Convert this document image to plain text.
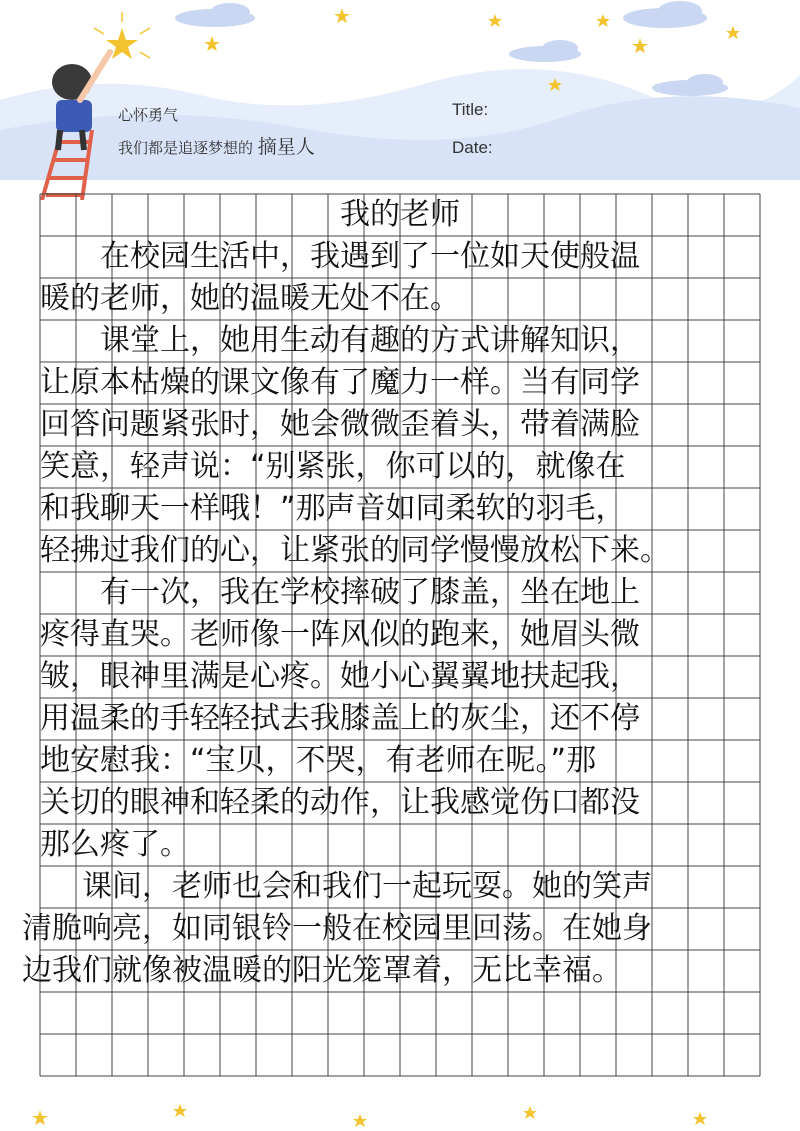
心怀勇气
我们都是追逐梦想的 摘星人
Title:
Date:
我的老师
　　在校园生活中，我遇到了一位如天使般温
暖的老师，她的温暖无处不在。
　　课堂上，她用生动有趣的方式讲解知识，
让原本枯燥的课文像有了魔力一样。当有同学
回答问题紧张时，她会微微歪着头，带着满脸
笑意，轻声说：“别紧张，你可以的，就像在
和我聊天一样哦！”那声音如同柔软的羽毛，
轻拂过我们的心，让紧张的同学慢慢放松下来。
　　有一次，我在学校摔破了膝盖，坐在地上
疼得直哭。老师像一阵风似的跑来，她眉头微
皱，眼神里满是心疼。她小心翼翼地扶起我，
用温柔的手轻轻拭去我膝盖上的灰尘，还不停
地安慰我：“宝贝，不哭，有老师在呢。”那
关切的眼神和轻柔的动作，让我感觉伤口都没
那么疼了。
　　课间，老师也会和我们一起玩耍。她的笑声
清脆响亮，如同银铃一般在校园里回荡。在她身
边我们就像被温暖的阳光笼罩着，无比幸福。
